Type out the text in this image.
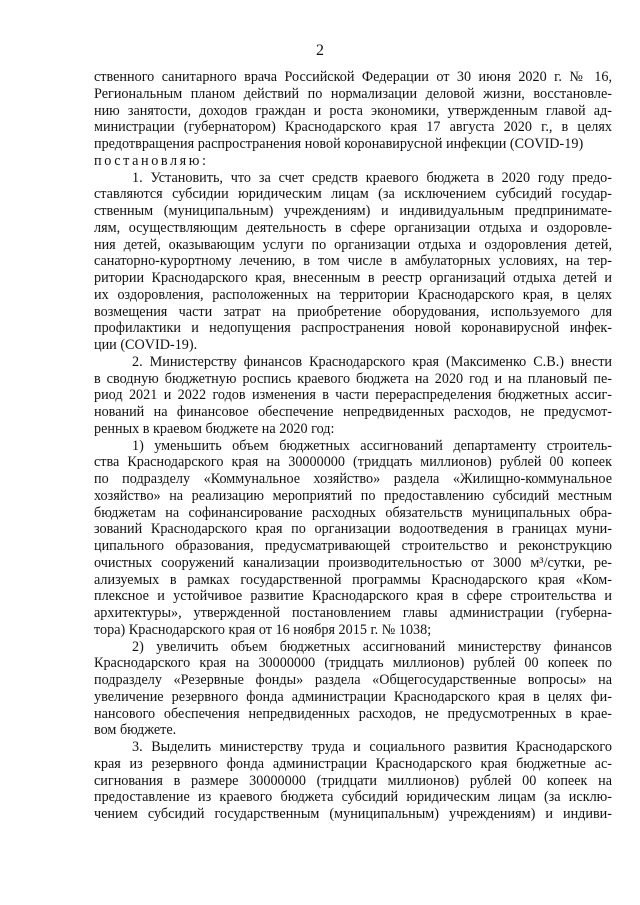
2
ственного санитарного врача Российской Федерации от 30 июня 2020 г. № 16,
Региональным планом действий по нормализации деловой жизни, восстановле-
нию занятости, доходов граждан и роста экономики, утвержденным главой ад-
министрации (губернатором) Краснодарского края 17 августа 2020 г., в целях
предотвращения распространения новой коронавирусной инфекции (COVID-19)
постановляю:
1. Установить, что за счет средств краевого бюджета в 2020 году предо-
ставляются субсидии юридическим лицам (за исключением субсидий государ-
ственным (муниципальным) учреждениям) и индивидуальным предпринимате-
лям, осуществляющим деятельность в сфере организации отдыха и оздоровле-
ния детей, оказывающим услуги по организации отдыха и оздоровления детей,
санаторно-курортному лечению, в том числе в амбулаторных условиях, на тер-
ритории Краснодарского края, внесенным в реестр организаций отдыха детей и
их оздоровления, расположенных на территории Краснодарского края, в целях
возмещения части затрат на приобретение оборудования, используемого для
профилактики и недопущения распространения новой коронавирусной инфек-
ции (COVID-19).
2. Министерству финансов Краснодарского края (Максименко С.В.) внести
в сводную бюджетную роспись краевого бюджета на 2020 год и на плановый пе-
риод 2021 и 2022 годов изменения в части перераспределения бюджетных ассиг-
нований на финансовое обеспечение непредвиденных расходов, не предусмот-
ренных в краевом бюджете на 2020 год:
1) уменьшить объем бюджетных ассигнований департаменту строитель-
ства Краснодарского края на 30000000 (тридцать миллионов) рублей 00 копеек
по подразделу «Коммунальное хозяйство» раздела «Жилищно-коммунальное
хозяйство» на реализацию мероприятий по предоставлению субсидий местным
бюджетам на софинансирование расходных обязательств муниципальных обра-
зований Краснодарского края по организации водоотведения в границах муни-
ципального образования, предусматривающей строительство и реконструкцию
очистных сооружений канализации производительностью от 3000 м³/сутки, ре-
ализуемых в рамках государственной программы Краснодарского края «Ком-
плексное и устойчивое развитие Краснодарского края в сфере строительства и
архитектуры», утвержденной постановлением главы администрации (губерна-
тора) Краснодарского края от 16 ноября 2015 г. № 1038;
2) увеличить объем бюджетных ассигнований министерству финансов
Краснодарского края на 30000000 (тридцать миллионов) рублей 00 копеек по
подразделу «Резервные фонды» раздела «Общегосударственные вопросы» на
увеличение резервного фонда администрации Краснодарского края в целях фи-
нансового обеспечения непредвиденных расходов, не предусмотренных в крае-
вом бюджете.
3. Выделить министерству труда и социального развития Краснодарского
края из резервного фонда администрации Краснодарского края бюджетные ас-
сигнования в размере 30000000 (тридцати миллионов) рублей 00 копеек на
предоставление из краевого бюджета субсидий юридическим лицам (за исклю-
чением субсидий государственным (муниципальным) учреждениям) и индиви-
